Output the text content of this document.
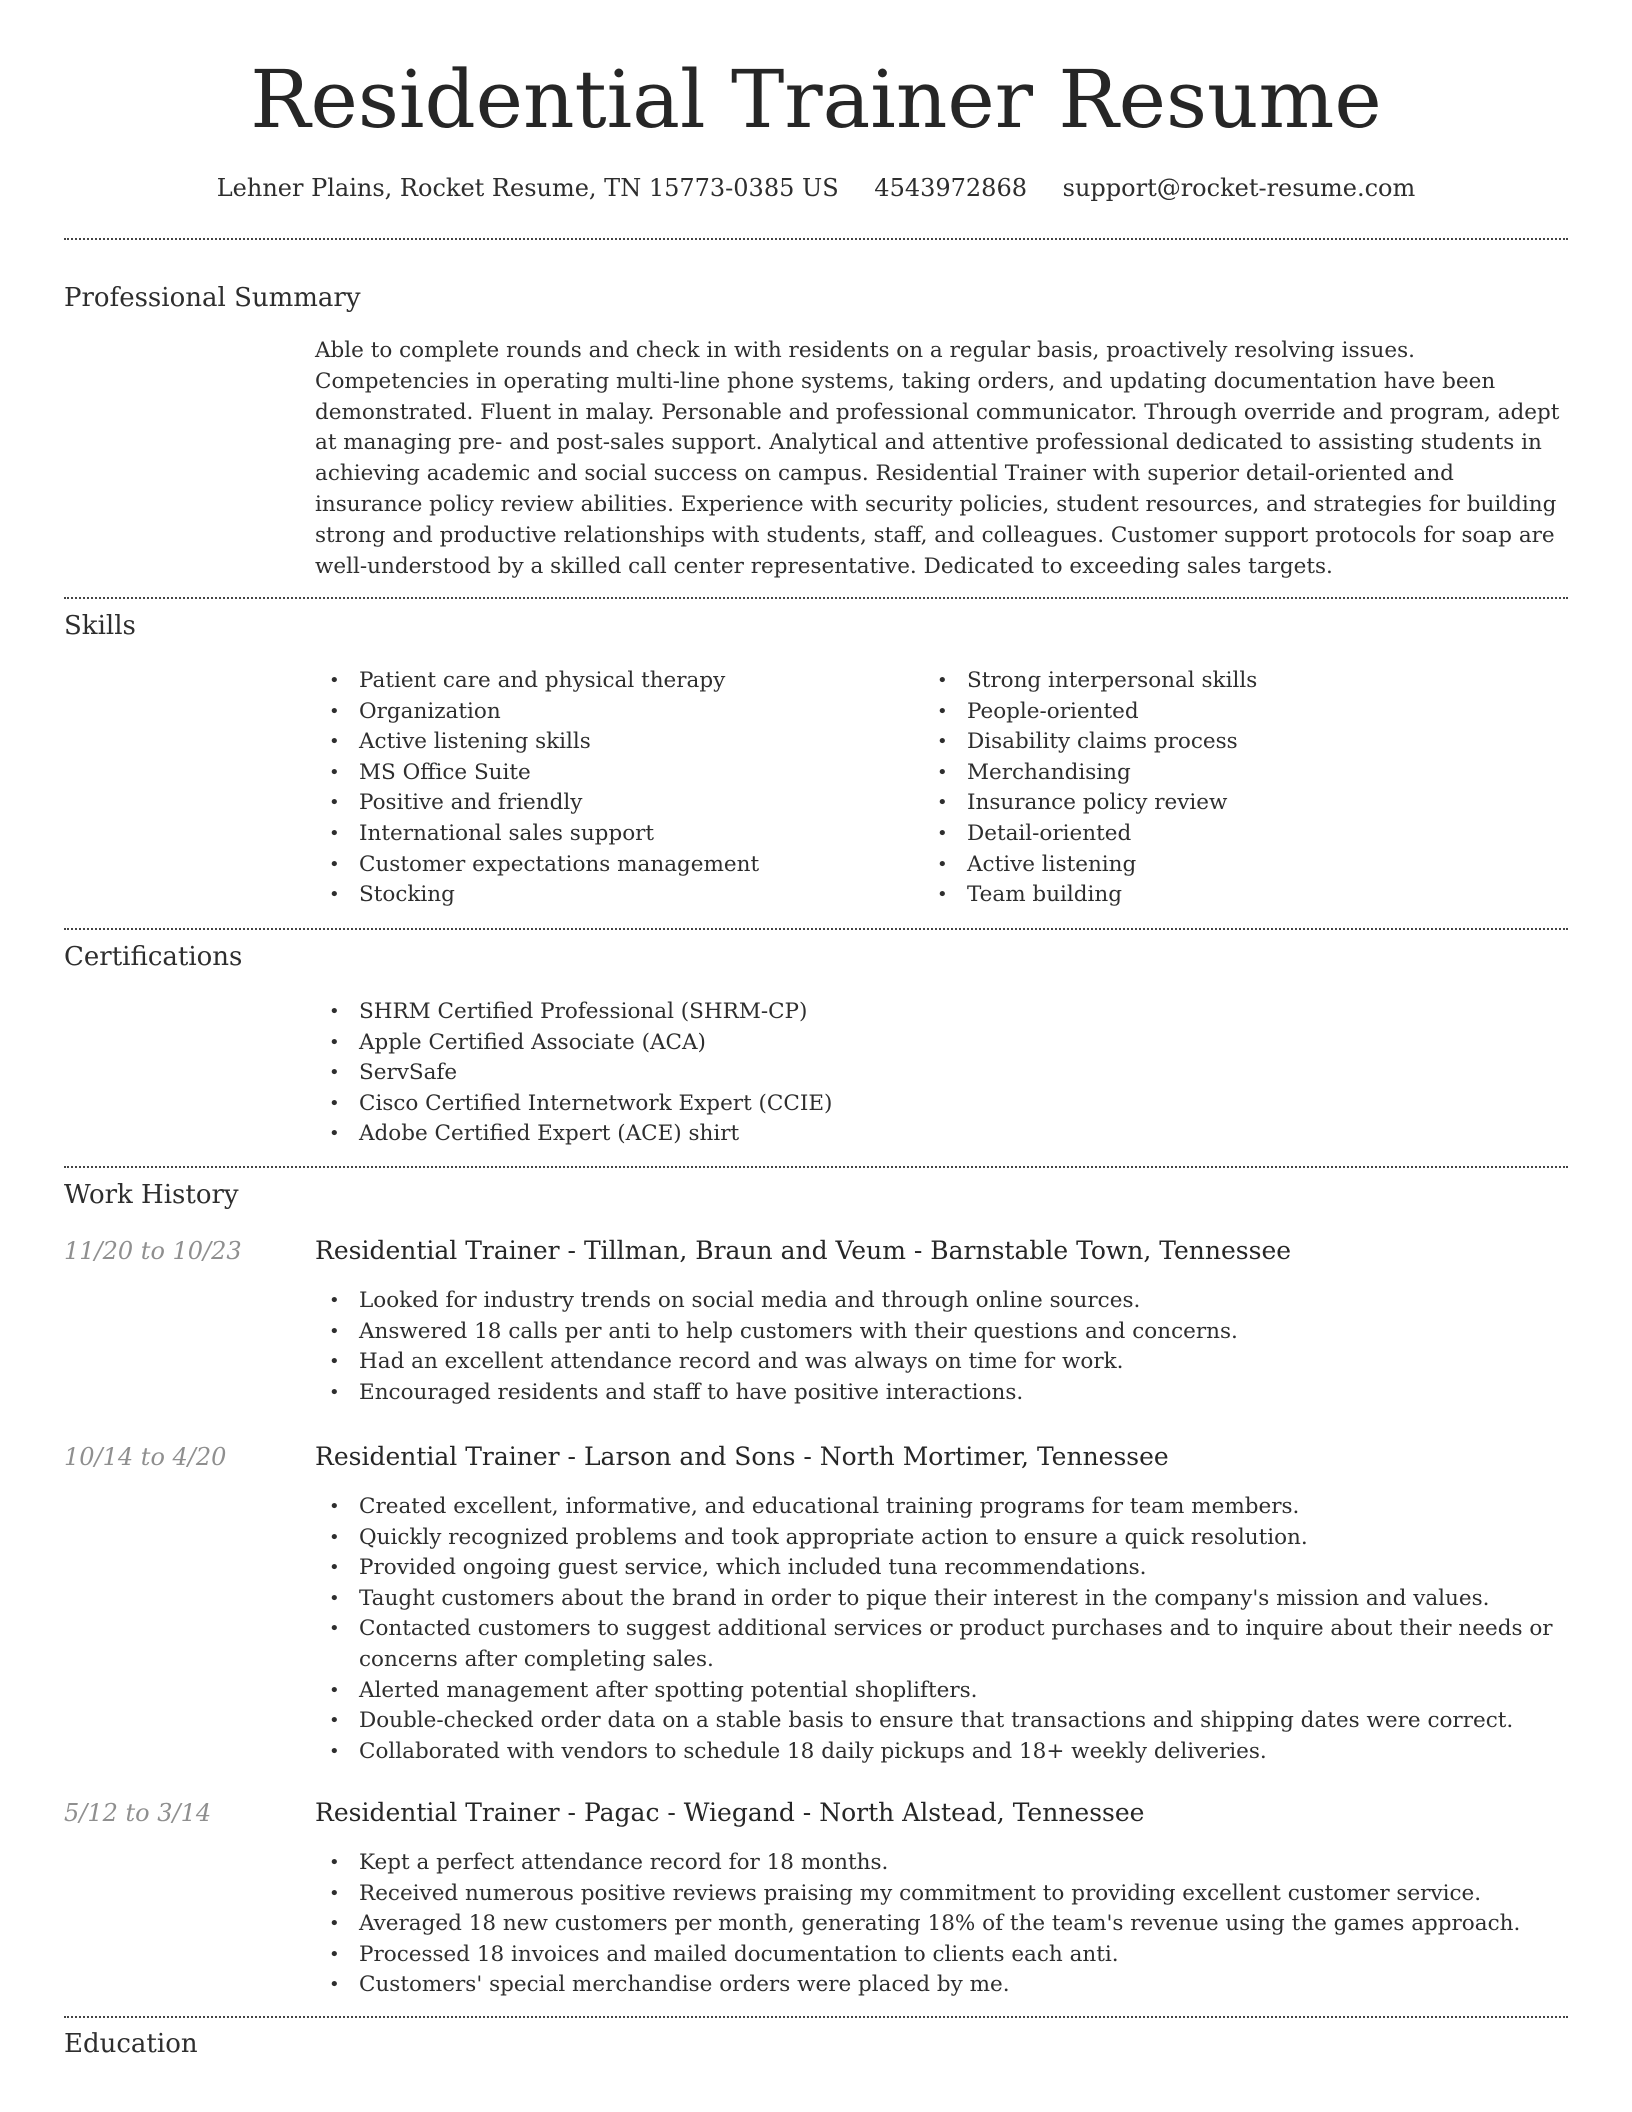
Residential Trainer Resume
Lehner Plains, Rocket Resume, TN 15773-0385 US 4543972868 support@rocket-resume.com
Professional Summary

Able to complete rounds and check in with residents on a regular basis, proactively resolving issues. Competencies in operating multi-line phone systems, taking orders, and updating documentation have been demonstrated. Fluent in malay. Personable and professional communicator. Through override and program, adept at managing pre- and post-sales support. Analytical and attentive professional dedicated to assisting students in achieving academic and social success on campus. Residential Trainer with superior detail-oriented and insurance policy review abilities. Experience with security policies, student resources, and strategies for building strong and productive relationships with students, staff, and colleagues. Customer support protocols for soap are well-understood by a skilled call center representative. Dedicated to exceeding sales targets.

Skills
• Patient care and physical therapy
• Organization
• Active listening skills
• MS Office Suite
• Positive and friendly
• International sales support
• Customer expectations management
• Stocking
• Strong interpersonal skills
• People-oriented
• Disability claims process
• Merchandising
• Insurance policy review
• Detail-oriented
• Active listening
• Team building
Certifications
• SHRM Certified Professional (SHRM-CP)
• Apple Certified Associate (ACA)
• ServSafe
• Cisco Certified Internetwork Expert (CCIE)
• Adobe Certified Expert (ACE) shirt
Work History
11/20 to 10/23	Residential Trainer - Tillman, Braun and Veum - Barnstable Town, Tennessee
• Looked for industry trends on social media and through online sources.
• Answered 18 calls per anti to help customers with their questions and concerns.
• Had an excellent attendance record and was always on time for work.
• Encouraged residents and staff to have positive interactions.
10/14 to 4/20	Residential Trainer - Larson and Sons - North Mortimer, Tennessee
• Created excellent, informative, and educational training programs for team members.
• Quickly recognized problems and took appropriate action to ensure a quick resolution.
• Provided ongoing guest service, which included tuna recommendations.
• Taught customers about the brand in order to pique their interest in the company's mission and values.
• Contacted customers to suggest additional services or product purchases and to inquire about their needs or concerns after completing sales.
• Alerted management after spotting potential shoplifters.
• Double-checked order data on a stable basis to ensure that transactions and shipping dates were correct.
• Collaborated with vendors to schedule 18 daily pickups and 18+ weekly deliveries.
5/12 to 3/14	Residential Trainer - Pagac - Wiegand - North Alstead, Tennessee
• Kept a perfect attendance record for 18 months.
• Received numerous positive reviews praising my commitment to providing excellent customer service.
• Averaged 18 new customers per month, generating 18% of the team's revenue using the games approach.
• Processed 18 invoices and mailed documentation to clients each anti.
• Customers' special merchandise orders were placed by me.
Education
